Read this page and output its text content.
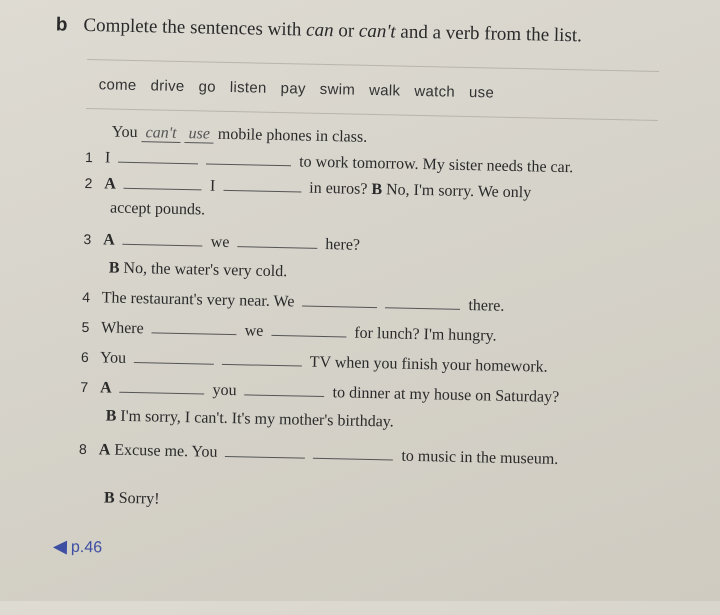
b Complete the sentences with can or can't and a verb from the list.
come drive go listen pay swim walk watch use
You can't use mobile phones in class.
1 I	to work tomorrow. My sister needs the car.
2 A	I	in euros? B No, I'm sorry. We only
accept pounds.
3 A	we	here?
B No, the water's very cold.
4 The restaurant's very near. We	there.
5 Where	we	for lunch? I'm hungry.
6 You	TV when you finish your homework.
7 A	you	to dinner at my house on Saturday?
B I'm sorry, I can't. It's my mother's birthday.
8 A Excuse me. You	to music in the museum.
B Sorry!
p.46
